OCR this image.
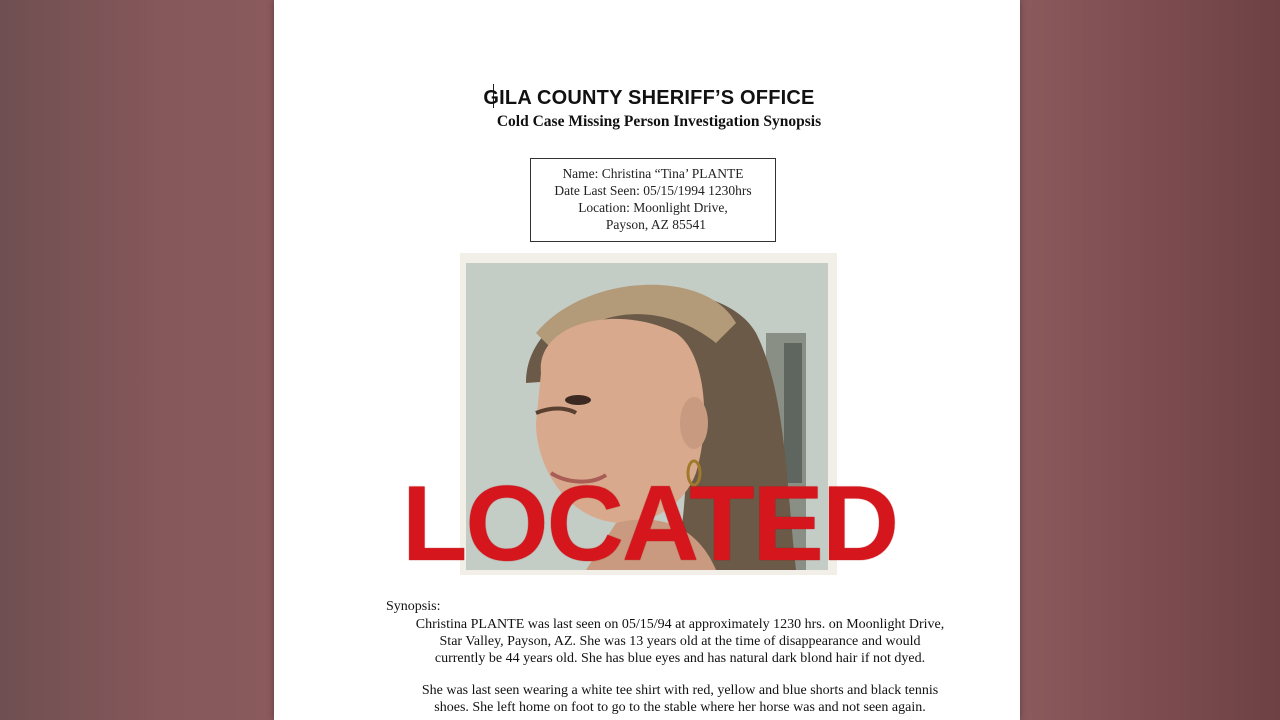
GILA COUNTY SHERIFF’S OFFICE
Cold Case Missing Person Investigation Synopsis
Name: Christina “Tina’ PLANTE
Date Last Seen: 05/15/1994 1230hrs
Location: Moonlight Drive,
Payson, AZ 85541
LOCATED
Synopsis:
Christina PLANTE was last seen on 05/15/94 at approximately 1230 hrs. on Moonlight Drive,
Star Valley, Payson, AZ. She was 13 years old at the time of disappearance and would
currently be 44 years old. She has blue eyes and has natural dark blond hair if not dyed.
She was last seen wearing a white tee shirt with red, yellow and blue shorts and black tennis
shoes. She left home on foot to go to the stable where her horse was and not seen again.
